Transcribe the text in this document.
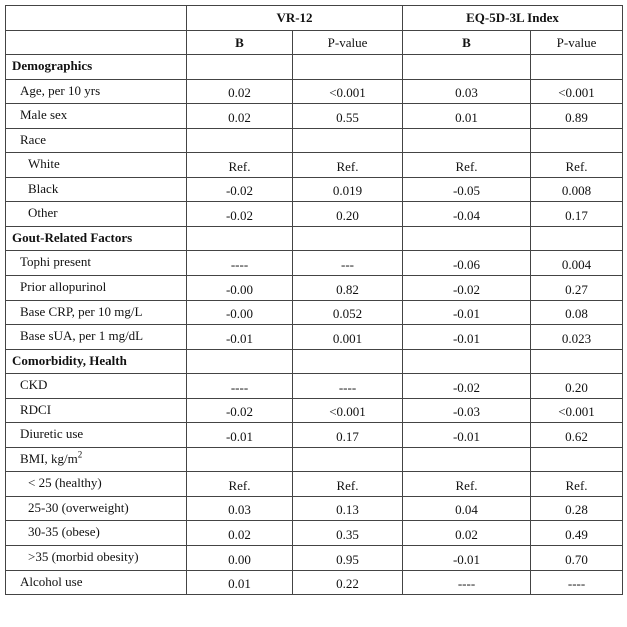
	VR-12		EQ-5D-3L Index	
	B	P-value	B	P-value
Demographics				
Age, per 10 yrs	0.02	<0.001	0.03	<0.001
Male sex	0.02	0.55	0.01	0.89
Race				
White	Ref.	Ref.	Ref.	Ref.
Black	-0.02	0.019	-0.05	0.008
Other	-0.02	0.20	-0.04	0.17
Gout-Related Factors				
Tophi present	----	---	-0.06	0.004
Prior allopurinol	-0.00	0.82	-0.02	0.27
Base CRP, per 10 mg/L	-0.00	0.052	-0.01	0.08
Base sUA, per 1 mg/dL	-0.01	0.001	-0.01	0.023
Comorbidity, Health				
CKD	----	----	-0.02	0.20
RDCI	-0.02	<0.001	-0.03	<0.001
Diuretic use	-0.01	0.17	-0.01	0.62
BMI, $kg/m^2$				
< 25 (healthy)	Ref.	Ref.	Ref.	Ref.
25-30 (overweight)	0.03	0.13	0.04	0.28
30-35 (obese)	0.02	0.35	0.02	0.49
>35 (morbid obesity)	0.00	0.95	-0.01	0.70
Alcohol use	0.01	0.22	----	----
